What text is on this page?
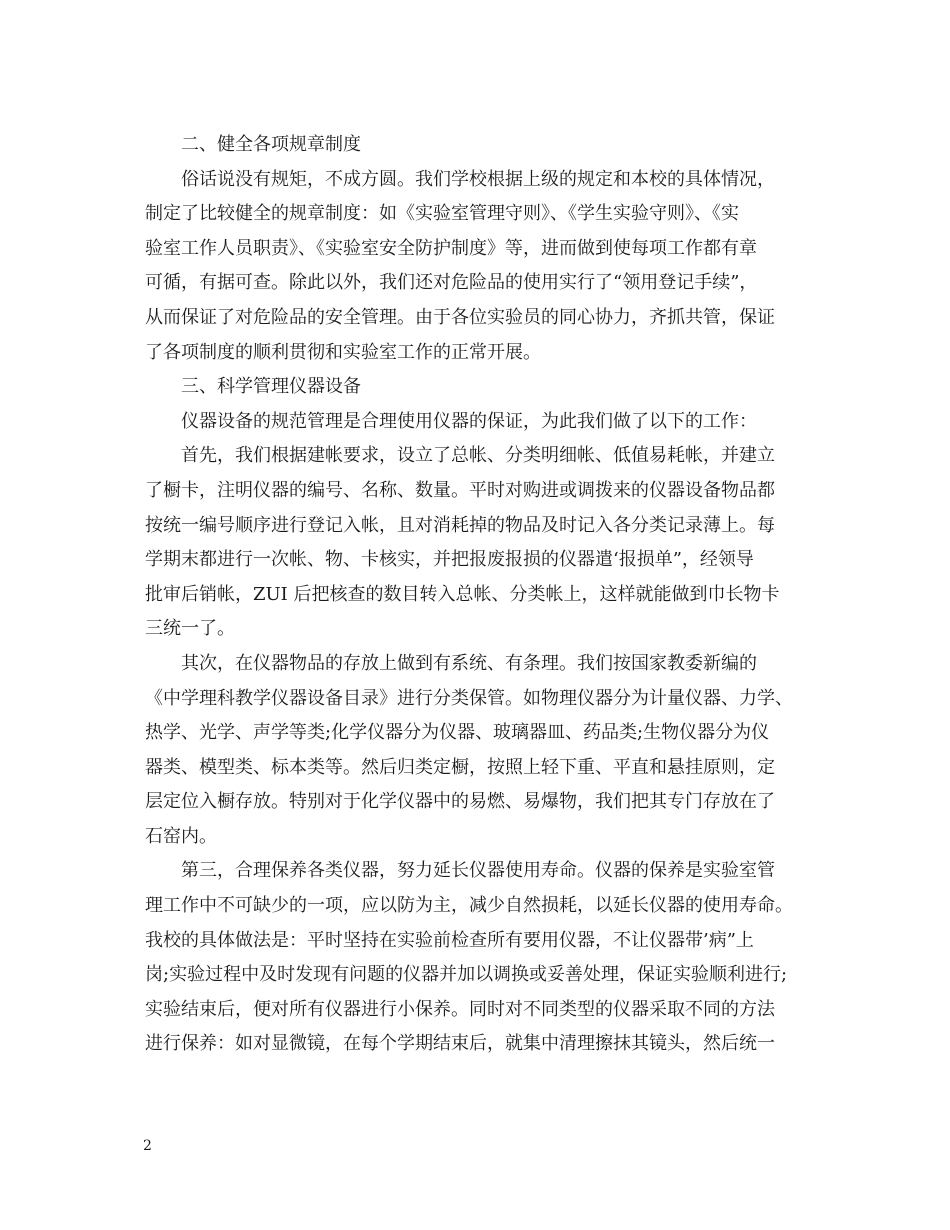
二、健全各项规章制度
俗话说没有规矩，不成方圆。我们学校根据上级的规定和本校的具体情况，
制定了比较健全的规章制度：如《实验室管理守则》、《学生实验守则》、《实
验室工作人员职责》、《实验室安全防护制度》等，进而做到使每项工作都有章
可循，有据可查。除此以外，我们还对危险品的使用实行了“领用登记手续”，
从而保证了对危险品的安全管理。由于各位实验员的同心协力，齐抓共管，保证
了各项制度的顺利贯彻和实验室工作的正常开展。
三、科学管理仪器设备
仪器设备的规范管理是合理使用仪器的保证，为此我们做了以下的工作：
首先，我们根据建帐要求，设立了总帐、分类明细帐、低值易耗帐，并建立
了橱卡，注明仪器的编号、名称、数量。平时对购进或调拨来的仪器设备物品都
按统一编号顺序进行登记入帐，且对消耗掉的物品及时记入各分类记录薄上。每
学期末都进行一次帐、物、卡核实，并把报废报损的仪器遣‘报损单”，经领导
批审后销帐，ZUI 后把核查的数目转入总帐、分类帐上，这样就能做到巾长物卡
三统一了。
其次，在仪器物品的存放上做到有系统、有条理。我们按国家教委新编的
《中学理科教学仪器设备目录》进行分类保管。如物理仪器分为计量仪器、力学、
热学、光学、声学等类;化学仪器分为仪器、玻璃器皿、药品类;生物仪器分为仪
器类、模型类、标本类等。然后归类定橱，按照上轻下重、平直和悬挂原则，定
层定位入橱存放。特别对于化学仪器中的易燃、易爆物，我们把其专门存放在了
石窑内。
第三，合理保养各类仪器，努力延长仪器使用寿命。仪器的保养是实验室管
理工作中不可缺少的一项，应以防为主，减少自然损耗，以延长仪器的使用寿命。
我校的具体做法是：平时坚持在实验前检查所有要用仪器，不让仪器带’病”上
岗;实验过程中及时发现有问题的仪器并加以调换或妥善处理，保证实验顺利进行;
实验结束后，便对所有仪器进行小保养。同时对不同类型的仪器采取不同的方法
进行保养：如对显微镜，在每个学期结束后，就集中清理擦抹其镜头，然后统一
2
